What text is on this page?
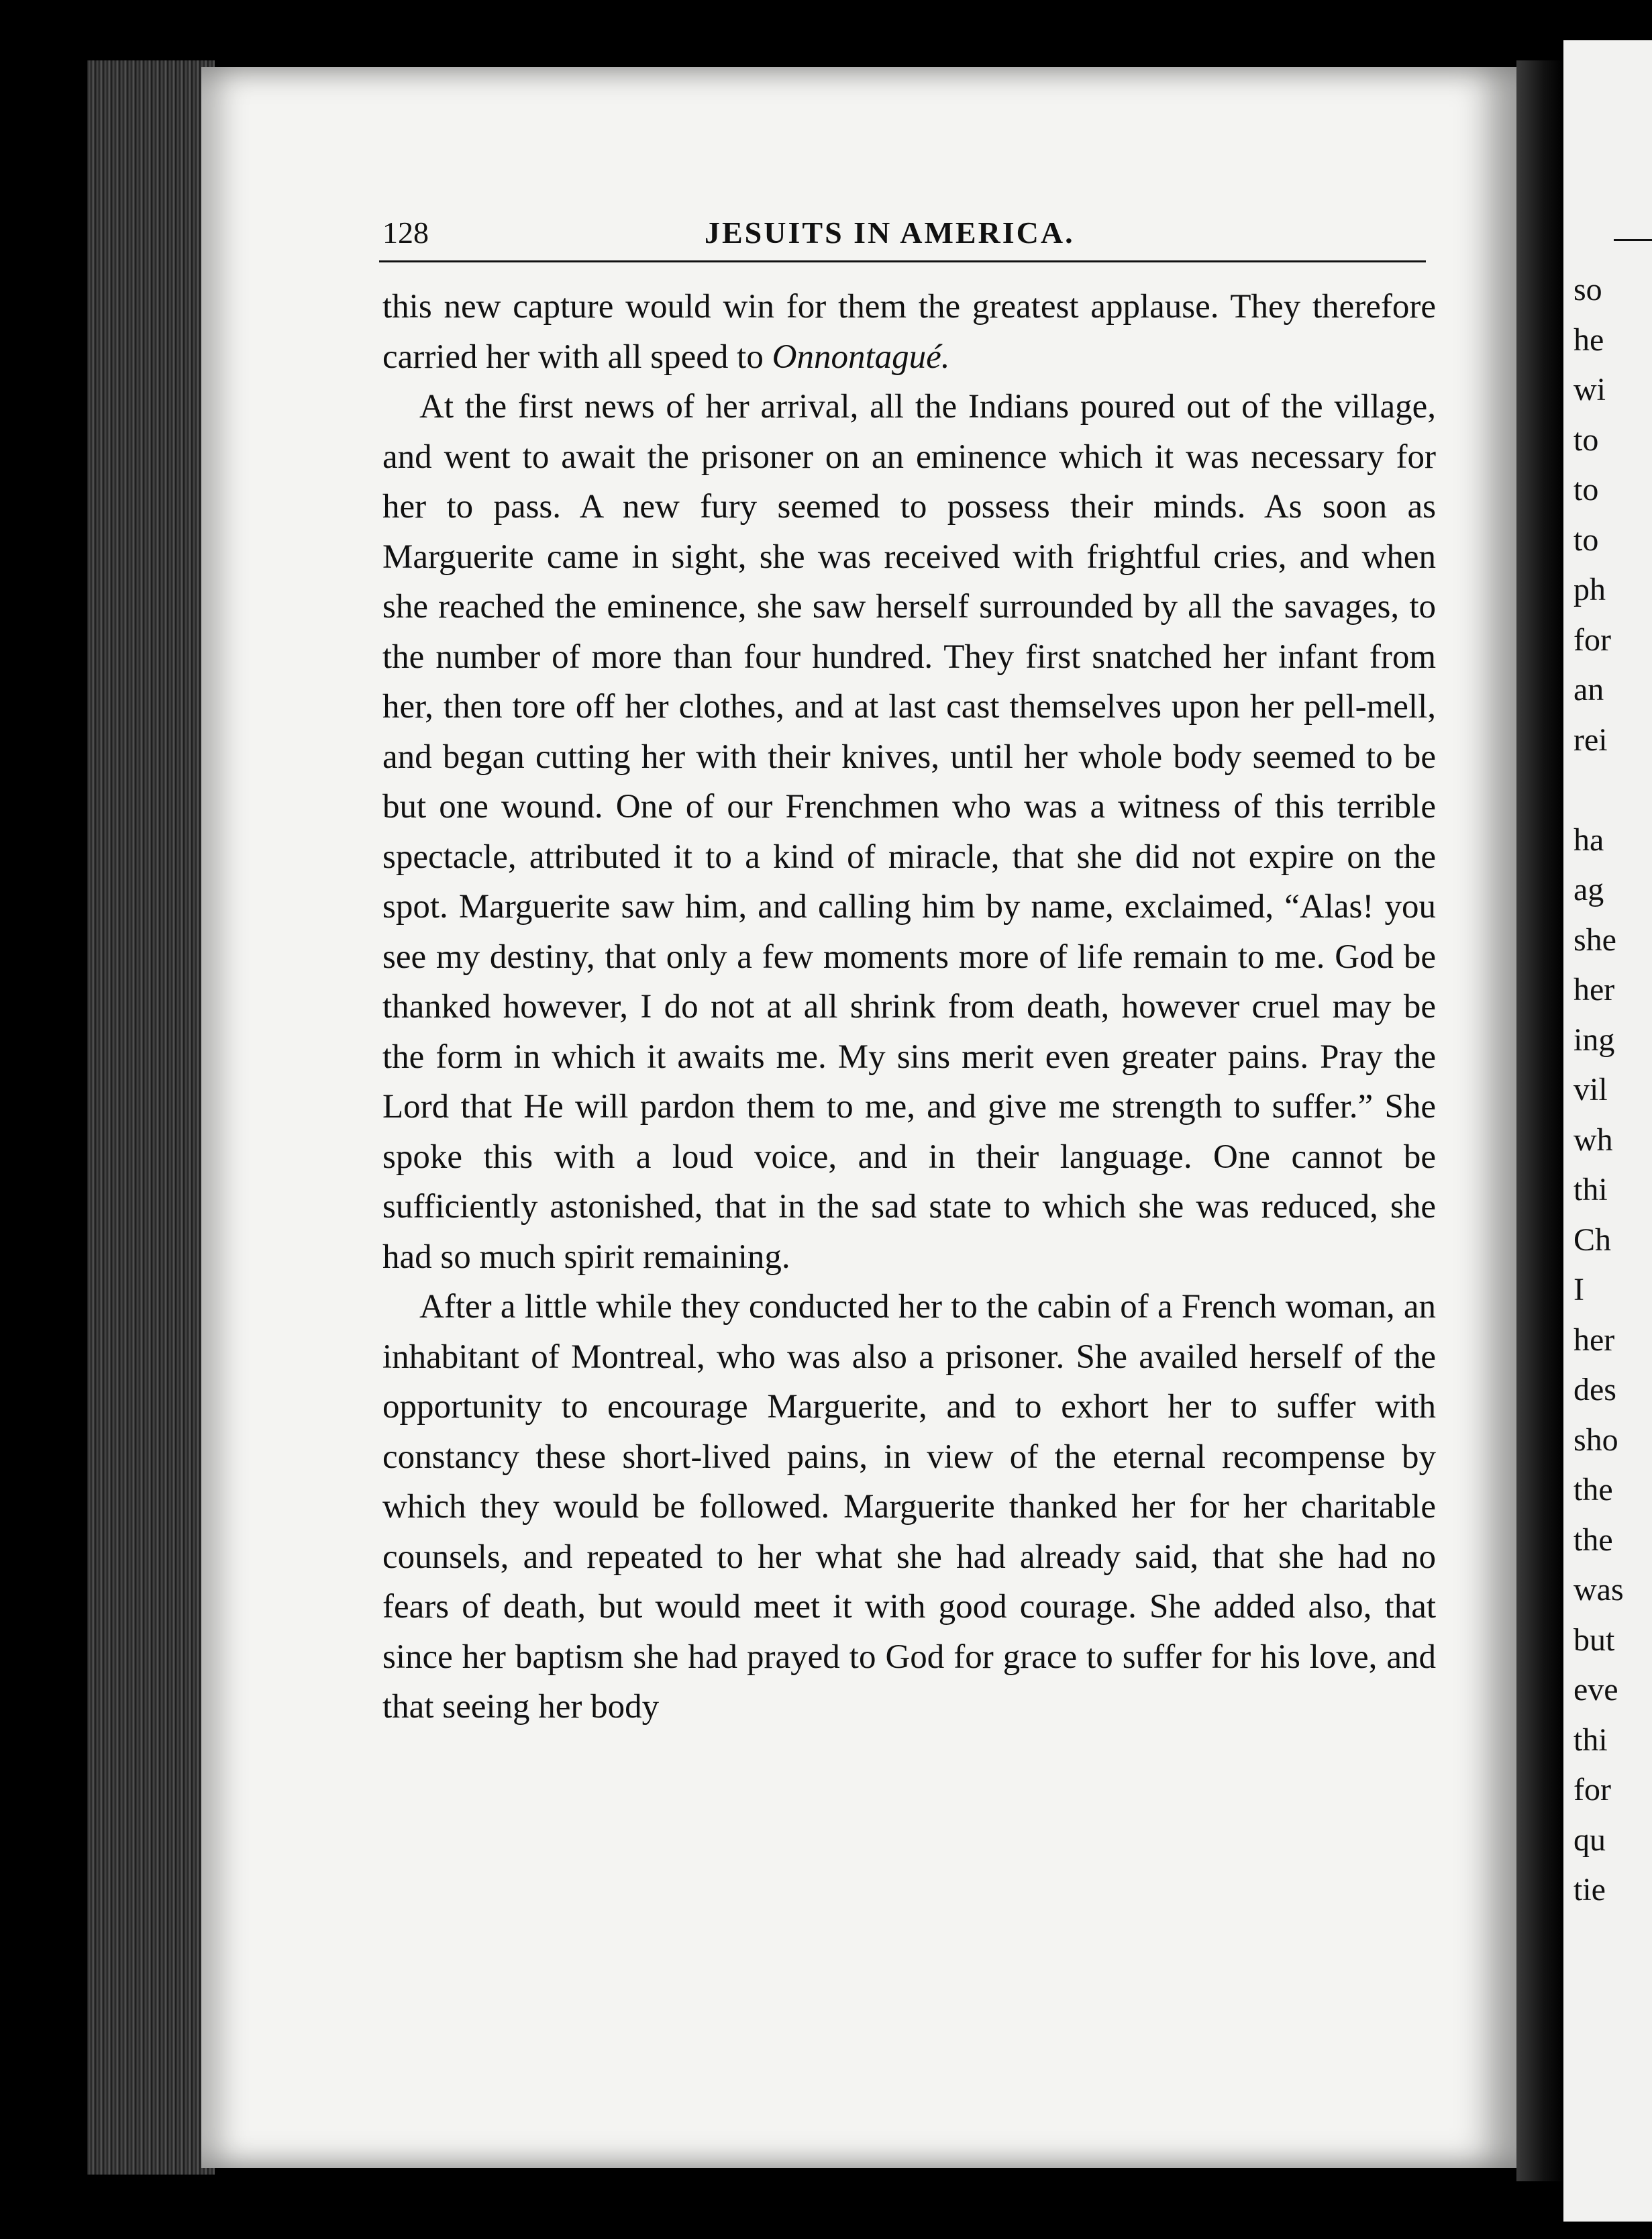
128	JESUITS IN AMERICA.

this new capture would win for them the greatest applause. They therefore carried her with all speed to Onnontagué.

At the first news of her arrival, all the Indians poured out of the village, and went to await the prisoner on an eminence which it was necessary for her to pass. A new fury seemed to possess their minds. As soon as Marguerite came in sight, she was received with frightful cries, and when she reached the eminence, she saw herself surrounded by all the savages, to the number of more than four hundred. They first snatched her infant from her, then tore off her clothes, and at last cast themselves upon her pell-mell, and began cutting her with their knives, until her whole body seemed to be but one wound. One of our Frenchmen who was a witness of this terrible spectacle, attributed it to a kind of miracle, that she did not expire on the spot. Marguerite saw him, and calling him by name, exclaimed, “Alas! you see my destiny, that only a few moments more of life remain to me. God be thanked however, I do not at all shrink from death, however cruel may be the form in which it awaits me. My sins merit even greater pains. Pray the Lord that He will pardon them to me, and give me strength to suffer.” She spoke this with a loud voice, and in their language. One cannot be sufficiently astonished, that in the sad state to which she was reduced, she had so much spirit remaining.

After a little while they conducted her to the cabin of a French woman, an inhabitant of Montreal, who was also a prisoner. She availed herself of the opportunity to encourage Marguerite, and to exhort her to suffer with constancy these short-lived pains, in view of the eternal recompense by which they would be followed. Marguerite thanked her for her charitable counsels, and repeated to her what she had already said, that she had no fears of death, but would meet it with good courage. She added also, that since her baptism she had prayed to God for grace to suffer for his love, and that seeing her body

so
he
wi
to
to
to
ph
for
an
rei

ha
ag
she
her
ing
vil
wh
thi
Ch
I
her
des
sho
the
the
was
but
eve
thi
for
qu
tie
